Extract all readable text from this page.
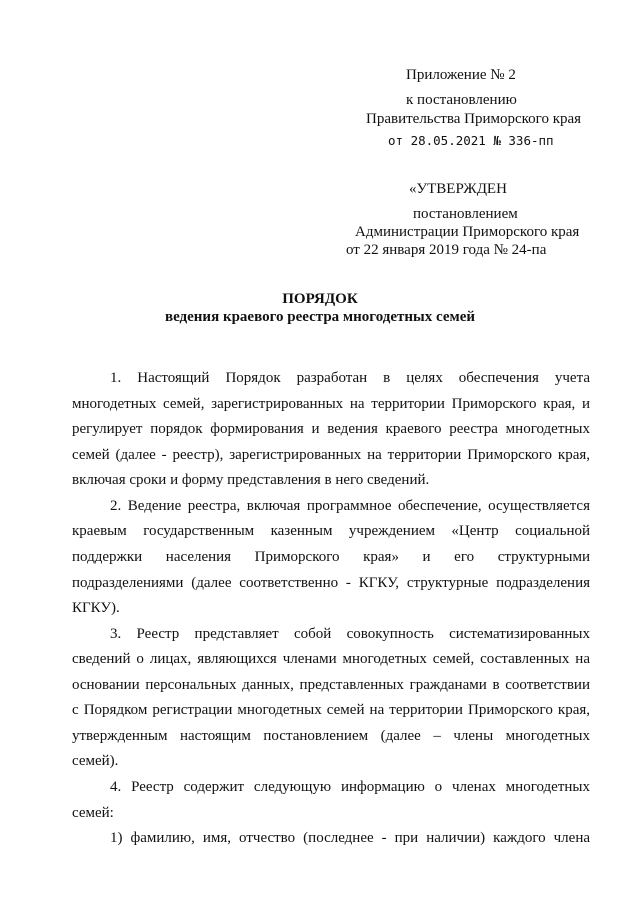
Приложение № 2
к постановлению
Правительства Приморского края
от 28.05.2021 № 336-пп
«УТВЕРЖДЕН
постановлением
Администрации Приморского края
от 22 января 2019 года № 24-па
ПОРЯДОК
ведения краевого реестра многодетных семей
1. Настоящий Порядок разработан в целях обеспечения учета
многодетных семей, зарегистрированных на территории Приморского края, и
регулирует порядок формирования и ведения краевого реестра многодетных
семей (далее - реестр), зарегистрированных на территории Приморского края,
включая сроки и форму представления в него сведений.
2. Ведение реестра, включая программное обеспечение, осуществляется
краевым государственным казенным учреждением «Центр социальной
поддержки населения Приморского края» и его структурными
подразделениями (далее соответственно - КГКУ, структурные подразделения
КГКУ).
3. Реестр представляет собой совокупность систематизированных
сведений о лицах, являющихся членами многодетных семей, составленных на
основании персональных данных, представленных гражданами в соответствии
с Порядком регистрации многодетных семей на территории Приморского края,
утвержденным настоящим постановлением (далее – члены многодетных
семей).
4. Реестр содержит следующую информацию о членах многодетных
семей:
1) фамилию, имя, отчество (последнее - при наличии) каждого члена
